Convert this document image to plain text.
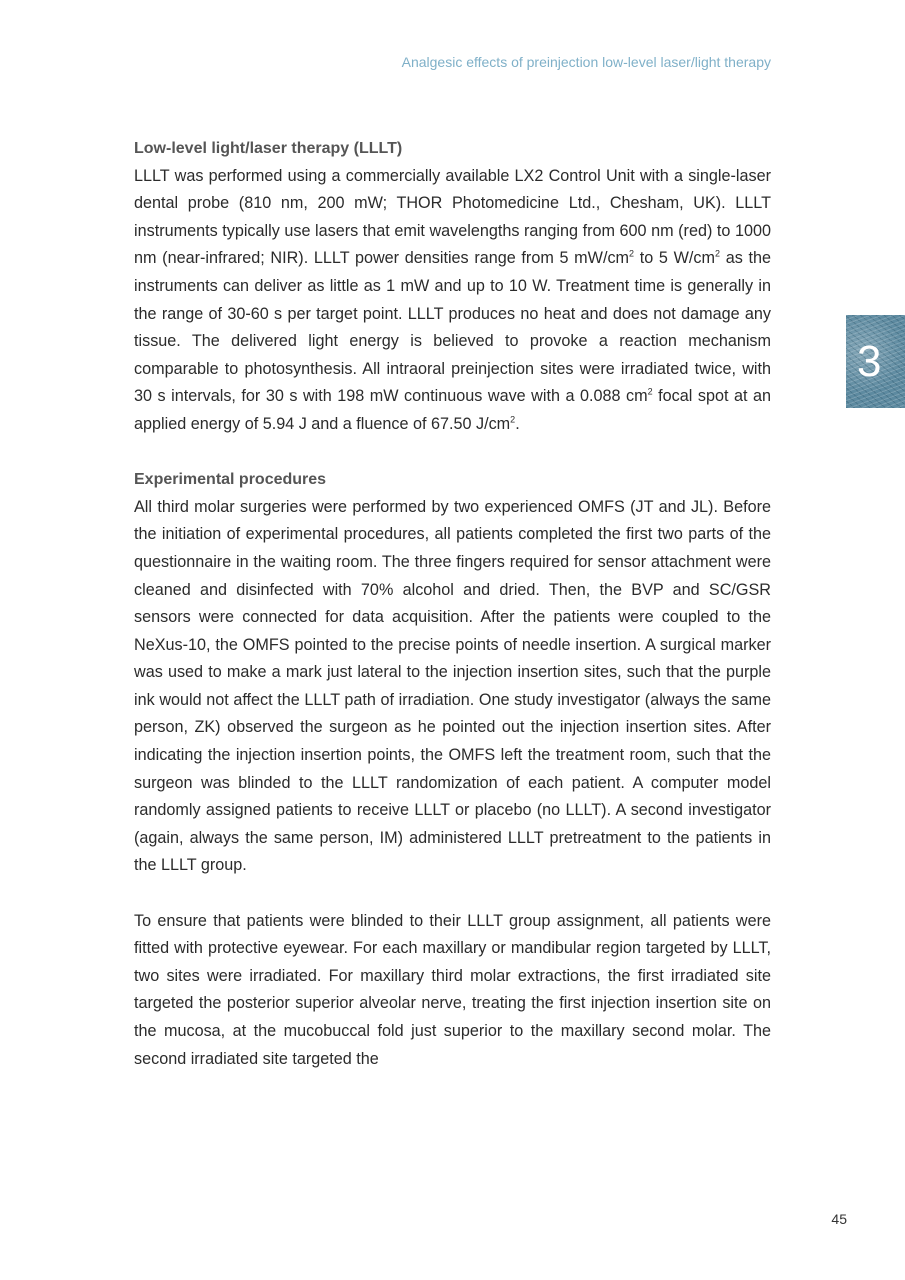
Analgesic effects of preinjection low-level laser/light therapy
3
Low-level light/laser therapy (LLLT)

LLLT was performed using a commercially available LX2 Control Unit with a single-laser dental probe (810 nm, 200 mW; THOR Photomedicine Ltd., Chesham, UK). LLLT instruments typically use lasers that emit wavelengths ranging from 600 nm (red) to 1000 nm (near-infrared; NIR). LLLT power densities range from 5 $mW/cm^2$ to 5 $W/cm^2$ as the instruments can deliver as little as 1 mW and up to 10 W. Treatment time is generally in the range of 30-60 s per target point. LLLT produces no heat and does not damage any tissue. The delivered light energy is believed to provoke a reaction mechanism comparable to photosynthesis. All intraoral preinjection sites were irradiated twice, with 30 s intervals, for 30 s with 198 mW continuous wave with a 0.088 $cm^2$ focal spot at an applied energy of 5.94 J and a fluence of 67.50 $J/cm^2$.

Experimental procedures

All third molar surgeries were performed by two experienced OMFS (JT and JL). Before the initiation of experimental procedures, all patients completed the first two parts of the questionnaire in the waiting room. The three fingers required for sensor attachment were cleaned and disinfected with 70% alcohol and dried. Then, the BVP and SC/GSR sensors were connected for data acquisition. After the patients were coupled to the NeXus-10, the OMFS pointed to the precise points of needle insertion. A surgical marker was used to make a mark just lateral to the injection insertion sites, such that the purple ink would not affect the LLLT path of irradiation. One study investigator (always the same person, ZK) observed the surgeon as he pointed out the injection insertion sites. After indicating the injection insertion points, the OMFS left the treatment room, such that the surgeon was blinded to the LLLT randomization of each patient. A computer model randomly assigned patients to receive LLLT or placebo (no LLLT). A second investigator (again, always the same person, IM) administered LLLT pretreatment to the patients in the LLLT group.

To ensure that patients were blinded to their LLLT group assignment, all patients were fitted with protective eyewear. For each maxillary or mandibular region targeted by LLLT, two sites were irradiated. For maxillary third molar extractions, the first irradiated site targeted the posterior superior alveolar nerve, treating the first injection insertion site on the mucosa, at the mucobuccal fold just superior to the maxillary second molar. The second irradiated site targeted the

45
